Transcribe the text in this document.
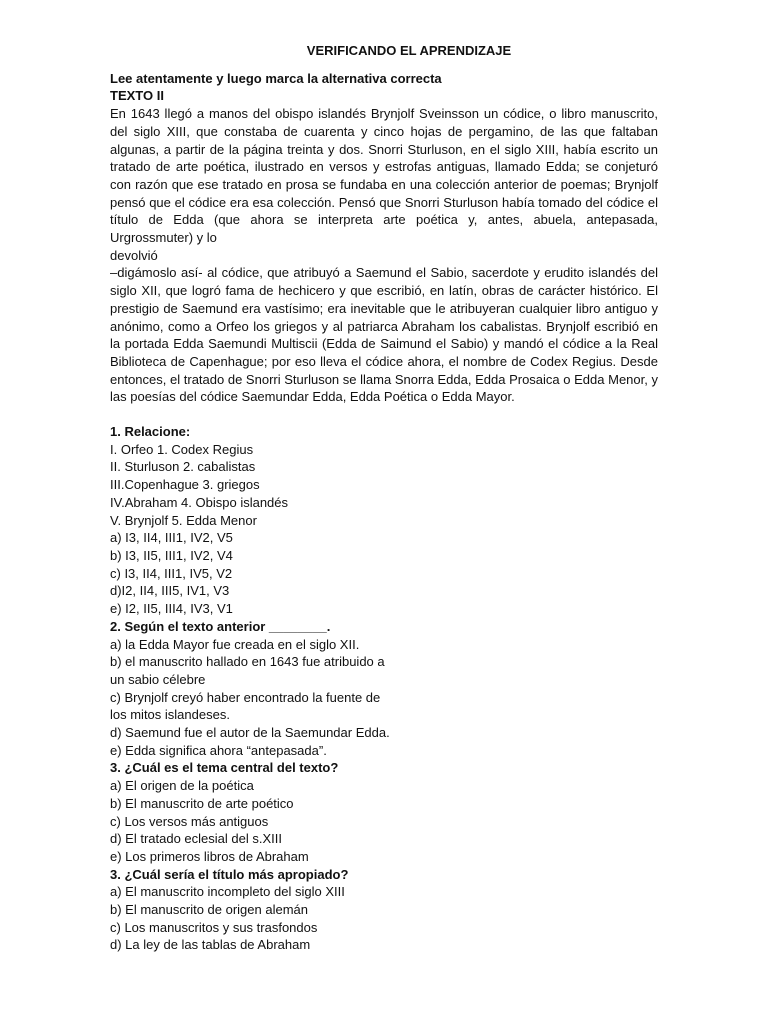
VERIFICANDO EL APRENDIZAJE
Lee atentamente y luego marca la alternativa correcta
TEXTO II

En 1643 llegó a manos del obispo islandés Brynjolf Sveinsson un códice, o libro manuscrito, del siglo XIII, que constaba de cuarenta y cinco hojas de pergamino, de las que faltaban algunas, a partir de la página treinta y dos. Snorri Sturluson, en el siglo XIII, había escrito un tratado de arte poética, ilustrado en versos y estrofas antiguas, llamado Edda; se conjeturó con razón que ese tratado en prosa se fundaba en una colección anterior de poemas; Brynjolf pensó que el códice era esa colección. Pensó que Snorri Sturluson había tomado del códice el título de Edda (que ahora se interpreta arte poética y, antes, abuela, antepasada, Urgrossmuter) y lo

devolvió

–digámoslo así- al códice, que atribuyó a Saemund el Sabio, sacerdote y erudito islandés del siglo XII, que logró fama de hechicero y que escribió, en latín, obras de carácter histórico. El prestigio de Saemund era vastísimo; era inevitable que le atribuyeran cualquier libro antiguo y anónimo, como a Orfeo los griegos y al patriarca Abraham los cabalistas. Brynjolf escribió en la portada Edda Saemundi Multiscii (Edda de Saimund el Sabio) y mandó el códice a la Real Biblioteca de Capenhague; por eso lleva el códice ahora, el nombre de Codex Regius. Desde entonces, el tratado de Snorri Sturluson se llama Snorra Edda, Edda Prosaica o Edda Menor, y las poesías del códice Saemundar Edda, Edda Poética o Edda Mayor.

1. Relacione:
I. Orfeo 1. Codex Regius
II. Sturluson 2. cabalistas
III.Copenhague 3. griegos
IV.Abraham 4. Obispo islandés
V. Brynjolf 5. Edda Menor
a) I3, II4, III1, IV2, V5
b) I3, II5, III1, IV2, V4
c) I3, II4, III1, IV5, V2
d)I2, II4, III5, IV1, V3
e) I2, II5, III4, IV3, V1
2. Según el texto anterior ________.
a) la Edda Mayor fue creada en el siglo XII.
b) el manuscrito hallado en 1643 fue atribuido a
un sabio célebre
c) Brynjolf creyó haber encontrado la fuente de
los mitos islandeses.
d) Saemund fue el autor de la Saemundar Edda.
e) Edda significa ahora “antepasada”.
3. ¿Cuál es el tema central del texto?
a) El origen de la poética
b) El manuscrito de arte poético
c) Los versos más antiguos
d) El tratado eclesial del s.XIII
e) Los primeros libros de Abraham
3. ¿Cuál sería el título más apropiado?
a) El manuscrito incompleto del siglo XIII
b) El manuscrito de origen alemán
c) Los manuscritos y sus trasfondos
d) La ley de las tablas de Abraham
